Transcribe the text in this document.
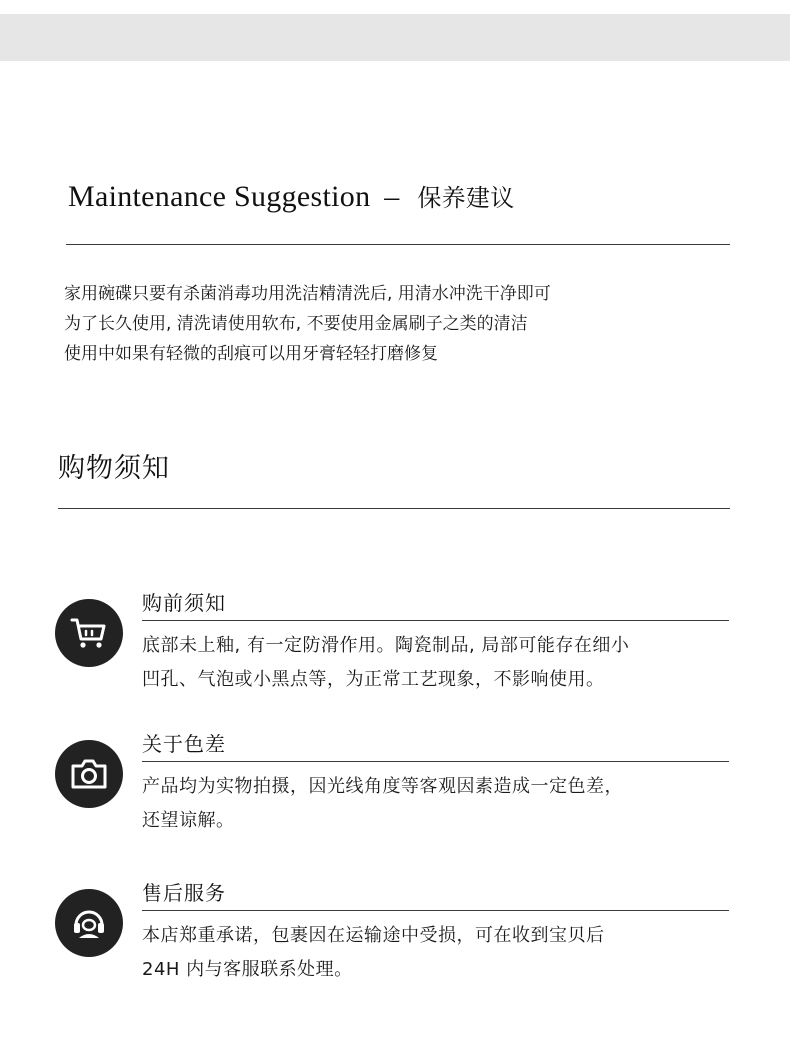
Maintenance Suggestion – 保养建议
家用碗碟只要有杀菌消毒功用洗洁精清洗后, 用清水冲洗干净即可
为了长久使用, 清洗请使用软布, 不要使用金属刷子之类的清洁
使用中如果有轻微的刮痕可以用牙膏轻轻打磨修复
购物须知
购前须知
底部未上釉, 有一定防滑作用。陶瓷制品, 局部可能存在细小
凹孔、气泡或小黑点等，为正常工艺现象，不影响使用。
关于色差
产品均为实物拍摄，因光线角度等客观因素造成一定色差，
还望谅解。
售后服务
本店郑重承诺，包裹因在运输途中受损，可在收到宝贝后
24H 内与客服联系处理。
